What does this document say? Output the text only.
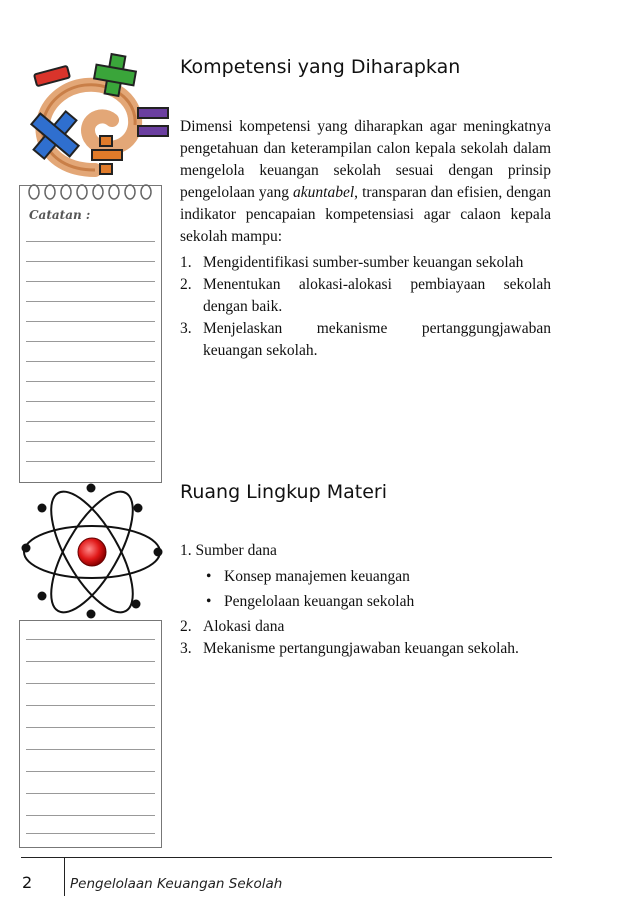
Catatan :
Kompetensi yang Diharapkan
Dimensi kompetensi yang diharapkan agar meningkatnya pengetahuan dan keterampilan calon kepala sekolah dalam mengelola keuangan sekolah sesuai dengan prinsip pengelolaan yang akuntabel, transparan dan efisien, dengan indikator pencapaian kompetensiasi agar calaon kepala sekolah mampu:
1. Mengidentifikasi sumber-sumber keuangan sekolah
2. Menentukan alokasi-alokasi pembiayaan sekolah dengan baik.
3. Menjelaskan mekanisme pertanggungjawaban keuangan sekolah.
Ruang Lingkup Materi
1. Sumber dana
• Konsep manajemen keuangan
• Pengelolaan keuangan sekolah
2. Alokasi dana
3. Mekanisme pertangungjawaban keuangan sekolah.
2	Pengelolaan Keuangan Sekolah
